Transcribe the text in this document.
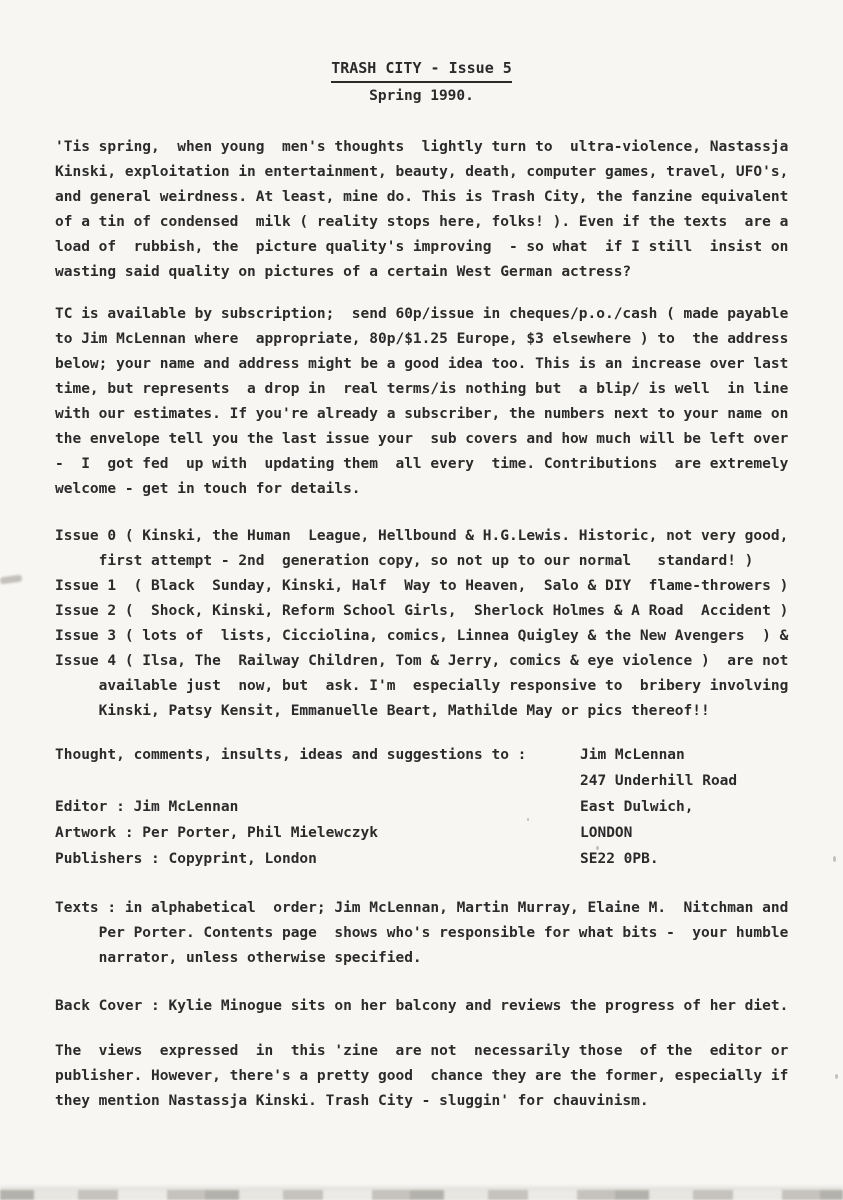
TRASH CITY - Issue 5
Spring 1990.
'Tis spring,  when young  men's thoughts  lightly turn to  ultra-violence, Nastassja
Kinski, exploitation in entertainment, beauty, death, computer games, travel, UFO's,
and general weirdness. At least, mine do. This is Trash City, the fanzine equivalent
of a tin of condensed  milk ( reality stops here, folks! ). Even if the texts  are a
load of  rubbish, the  picture quality's improving  - so what  if I still  insist on
wasting said quality on pictures of a certain West German actress?
TC is available by subscription;  send 60p/issue in cheques/p.o./cash ( made payable
to Jim McLennan where  appropriate, 80p/$1.25 Europe, $3 elsewhere ) to  the address
below; your name and address might be a good idea too. This is an increase over last
time, but represents  a drop in  real terms/is nothing but  a blip/ is well  in line
with our estimates. If you're already a subscriber, the numbers next to your name on
the envelope tell you the last issue your  sub covers and how much will be left over
-  I  got fed  up with  updating them  all every  time. Contributions  are extremely
welcome - get in touch for details.
Issue 0 ( Kinski, the Human  League, Hellbound & H.G.Lewis. Historic, not very good,
first attempt - 2nd  generation copy, so not up to our normal   standard! )
Issue 1  ( Black  Sunday, Kinski, Half  Way to Heaven,  Salo & DIY  flame-throwers )
Issue 2 (  Shock, Kinski, Reform School Girls,  Sherlock Holmes & A Road  Accident )
Issue 3 ( lots of  lists, Cicciolina, comics, Linnea Quigley & the New Avengers  ) &
Issue 4 ( Ilsa, The  Railway Children, Tom & Jerry, comics & eye violence )  are not
available just  now, but  ask. I'm  especially responsive to  bribery involving
Kinski, Patsy Kensit, Emmanuelle Beart, Mathilde May or pics thereof!!
Thought, comments, insults, ideas and suggestions to :
Editor : Jim McLennan
Artwork : Per Porter, Phil Mielewczyk
Publishers : Copyprint, London
Jim McLennan
247 Underhill Road
East Dulwich,
LONDON
SE22 0PB.
Texts : in alphabetical  order; Jim McLennan, Martin Murray, Elaine M.  Nitchman and
Per Porter. Contents page  shows who's responsible for what bits -  your humble
narrator, unless otherwise specified.
Back Cover : Kylie Minogue sits on her balcony and reviews the progress of her diet.
The  views  expressed  in  this 'zine  are not  necessarily those  of the  editor or
publisher. However, there's a pretty good  chance they are the former, especially if
they mention Nastassja Kinski. Trash City - sluggin' for chauvinism.
